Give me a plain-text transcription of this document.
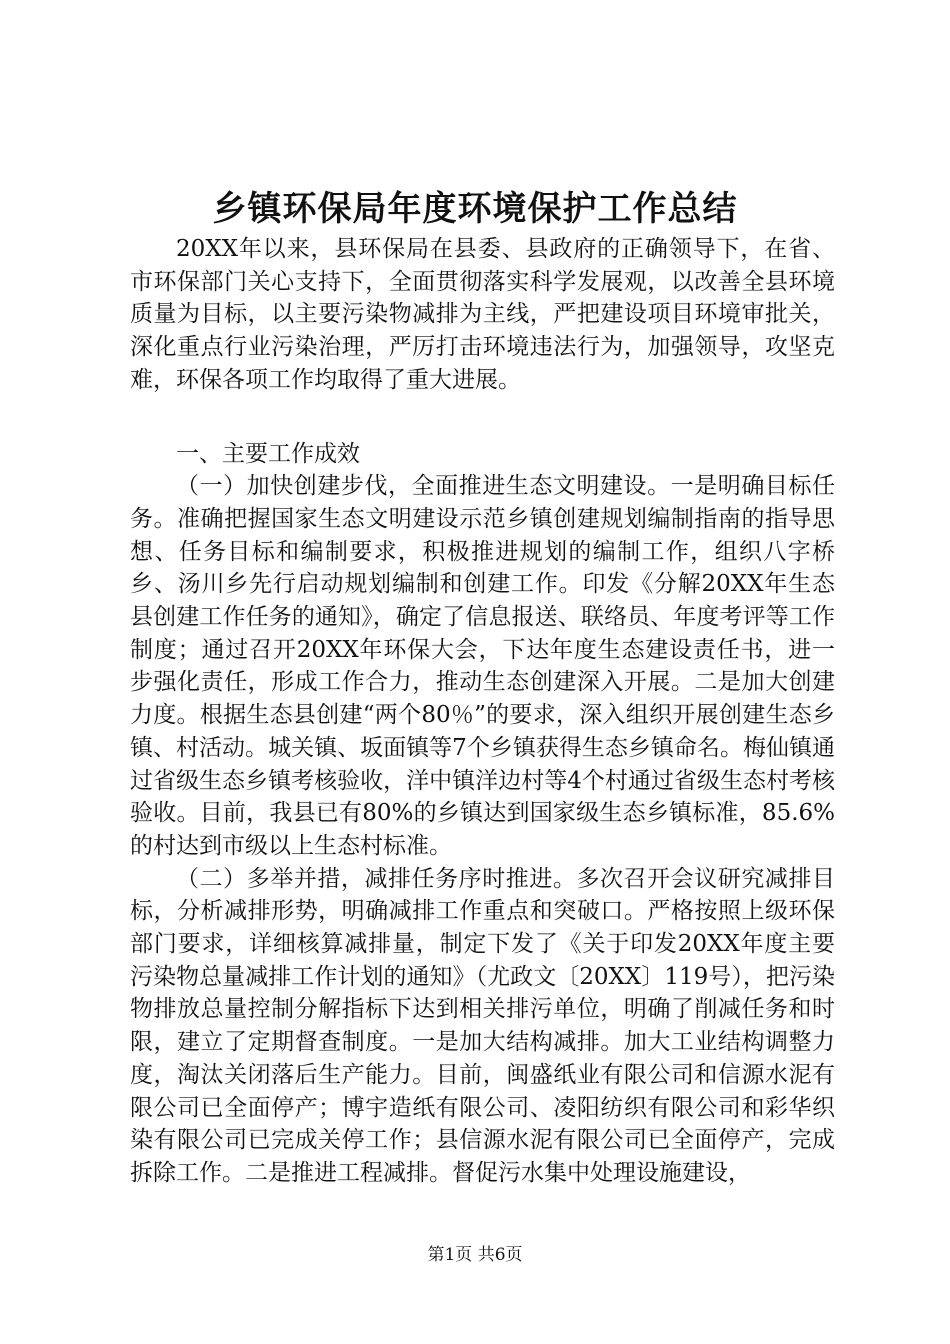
乡镇环保局年度环境保护工作总结

20XX年以来，县环保局在县委、县政府的正确领导下，在省、市环保部门关心支持下，全面贯彻落实科学发展观，以改善全县环境质量为目标，以主要污染物减排为主线，严把建设项目环境审批关，深化重点行业污染治理，严厉打击环境违法行为，加强领导，攻坚克难，环保各项工作均取得了重大进展。

一、主要工作成效

（一）加快创建步伐，全面推进生态文明建设。一是明确目标任务。准确把握国家生态文明建设示范乡镇创建规划编制指南的指导思想、任务目标和编制要求，积极推进规划的编制工作，组织八字桥乡、汤川乡先行启动规划编制和创建工作。印发《分解20XX年生态县创建工作任务的通知》，确定了信息报送、联络员、年度考评等工作制度；通过召开20XX年环保大会，下达年度生态建设责任书，进一步强化责任，形成工作合力，推动生态创建深入开展。二是加大创建力度。根据生态县创建“两个80％”的要求，深入组织开展创建生态乡镇、村活动。城关镇、坂面镇等7个乡镇获得生态乡镇命名。梅仙镇通过省级生态乡镇考核验收，洋中镇洋边村等4个村通过省级生态村考核验收。目前，我县已有80%的乡镇达到国家级生态乡镇标准，85.6%的村达到市级以上生态村标准。

（二）多举并措，减排任务序时推进。多次召开会议研究减排目标，分析减排形势，明确减排工作重点和突破口。严格按照上级环保部门要求，详细核算减排量，制定下发了《关于印发20XX年度主要污染物总量减排工作计划的通知》（尤政文〔20XX〕119号），把污染物排放总量控制分解指标下达到相关排污单位，明确了削减任务和时限，建立了定期督查制度。一是加大结构减排。加大工业结构调整力度，淘汰关闭落后生产能力。目前，闽盛纸业有限公司和信源水泥有限公司已全面停产；博宇造纸有限公司、凌阳纺织有限公司和彩华织染有限公司已完成关停工作；县信源水泥有限公司已全面停产，完成拆除工作。二是推进工程减排。督促污水集中处理设施建设，

第1页 共6页
